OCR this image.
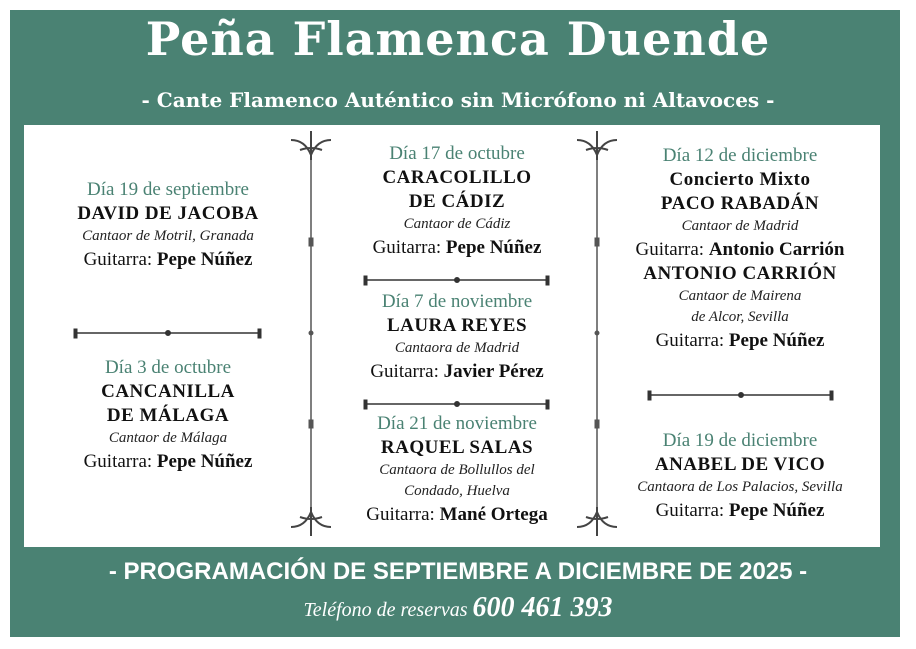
Peña Flamenca Duende
- Cante Flamenco Auténtico sin Micrófono ni Altavoces -
Día 19 de septiembre
DAVID DE JACOBA
Cantaor de Motril, Granada
Guitarra: Pepe Núñez
Día 3 de octubre
CANCANILLA
DE MÁLAGA
Cantaor de Málaga
Guitarra: Pepe Núñez
Día 17 de octubre
CARACOLILLO
DE CÁDIZ
Cantaor de Cádiz
Guitarra: Pepe Núñez
Día 7 de noviembre
LAURA REYES
Cantaora de Madrid
Guitarra: Javier Pérez
Día 21 de noviembre
RAQUEL SALAS
Cantaora de Bollullos del
Condado, Huelva
Guitarra: Mané Ortega
Día 12 de diciembre
Concierto Mixto
PACO RABADÁN
Cantaor de Madrid
Guitarra: Antonio Carrión
ANTONIO CARRIÓN
Cantaor de Mairena
de Alcor, Sevilla
Guitarra: Pepe Núñez
Día 19 de diciembre
ANABEL DE VICO
Cantaora de Los Palacios, Sevilla
Guitarra: Pepe Núñez
- PROGRAMACIÓN DE SEPTIEMBRE A DICIEMBRE DE 2025 -
Teléfono de reservas 600 461 393
